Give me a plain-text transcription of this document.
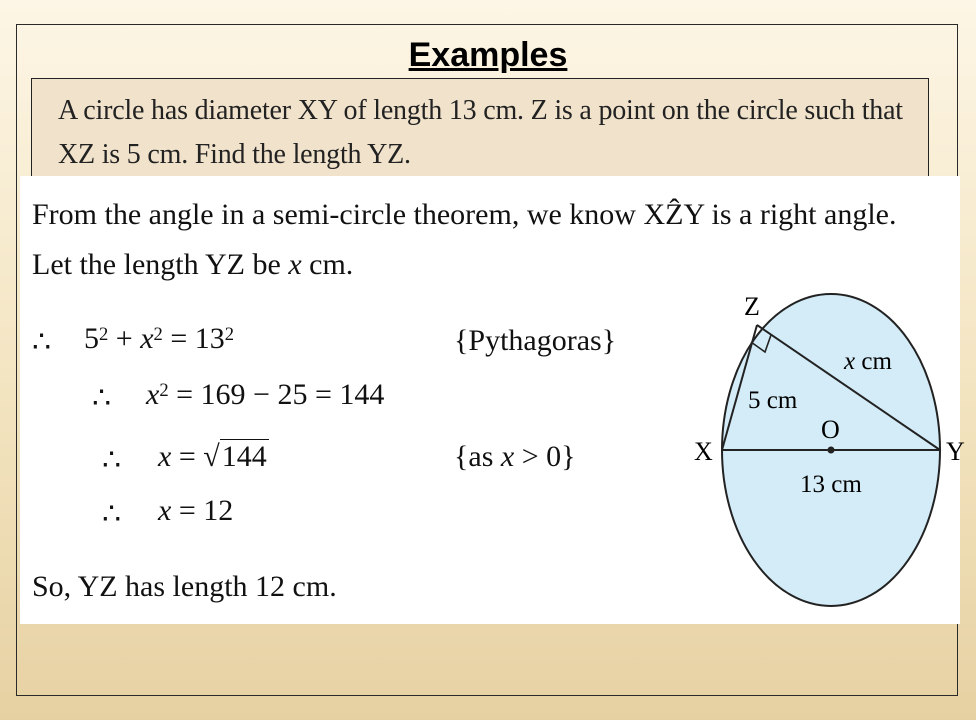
Examples
A circle has diameter XY of length 13 cm. Z is a point on the circle such that
XZ is 5 cm. Find the length YZ.
From the angle in a semi-circle theorem, we know XẐY is a right angle.
Let the length YZ be x cm.
∴ $5^2 + x^2 = 13^2$	{Pythagoras}
∴ $x^2 = 169 - 25 = 144$
∴ x = √144	{as x > 0}
∴ x = 12
So, YZ has length 12 cm.
Z
X	Y
O
5 cm
x cm
13 cm
